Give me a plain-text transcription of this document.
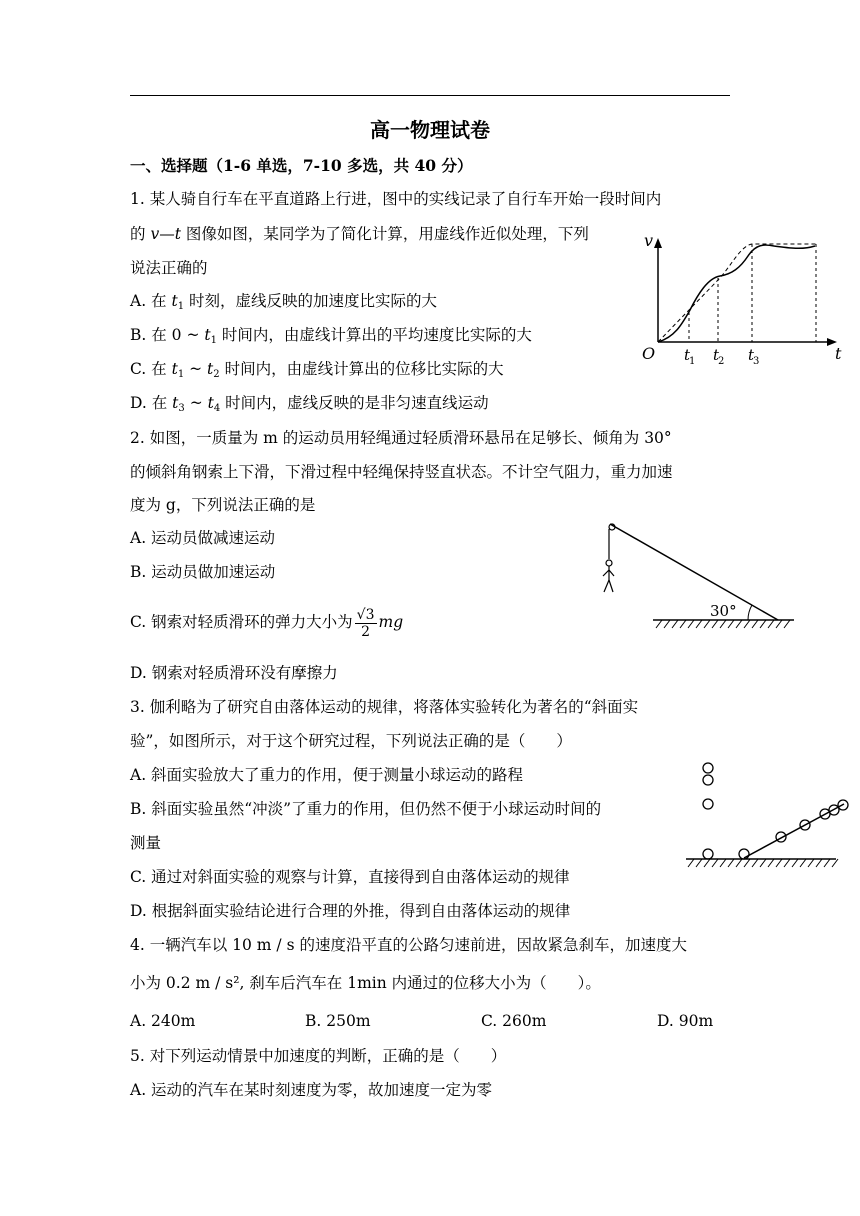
高一物理试卷
一、选择题（1-6 单选，7-10 多选，共 40 分）
1. 某人骑自行车在平直道路上行进，图中的实线记录了自行车开始一段时间内
的 v—t 图像如图，某同学为了简化计算，用虚线作近似处理，下列
说法正确的
A. 在 $t_1$ 时刻，虚线反映的加速度比实际的大
B. 在 0 ~ $t_1$ 时间内，由虚线计算出的平均速度比实际的大
C. 在 $t_1$ ~ $t_2$ 时间内，由虚线计算出的位移比实际的大
D. 在 $t_3$ ~ $t_4$ 时间内，虚线反映的是非匀速直线运动
v
O	t
t
1 t
2 t
3
2. 如图，一质量为 m 的运动员用轻绳通过轻质滑环悬吊在足够长、倾角为 30°
的倾斜角钢索上下滑，下滑过程中轻绳保持竖直状态。不计空气阻力，重力加速
度为 g，下列说法正确的是
A. 运动员做减速运动
B. 运动员做加速运动
C. 钢索对轻质滑环的弹力大小为 $\frac{√3}{2}$ mg
D. 钢索对轻质滑环没有摩擦力
30°
3. 伽利略为了研究自由落体运动的规律，将落体实验转化为著名的“斜面实
验”，如图所示，对于这个研究过程，下列说法正确的是（　　）
A. 斜面实验放大了重力的作用，便于测量小球运动的路程
B. 斜面实验虽然“冲淡”了重力的作用，但仍然不便于小球运动时间的
测量
C. 通过对斜面实验的观察与计算，直接得到自由落体运动的规律
D. 根据斜面实验结论进行合理的外推，得到自由落体运动的规律
4. 一辆汽车以 10 m / s 的速度沿平直的公路匀速前进，因故紧急刹车，加速度大
小为 0.2 m / s², 刹车后汽车在 1min 内通过的位移大小为（　　）。
A. 240m	B. 250m	C. 260m	D. 90m
5. 对下列运动情景中加速度的判断，正确的是（　　）
A. 运动的汽车在某时刻速度为零，故加速度一定为零
